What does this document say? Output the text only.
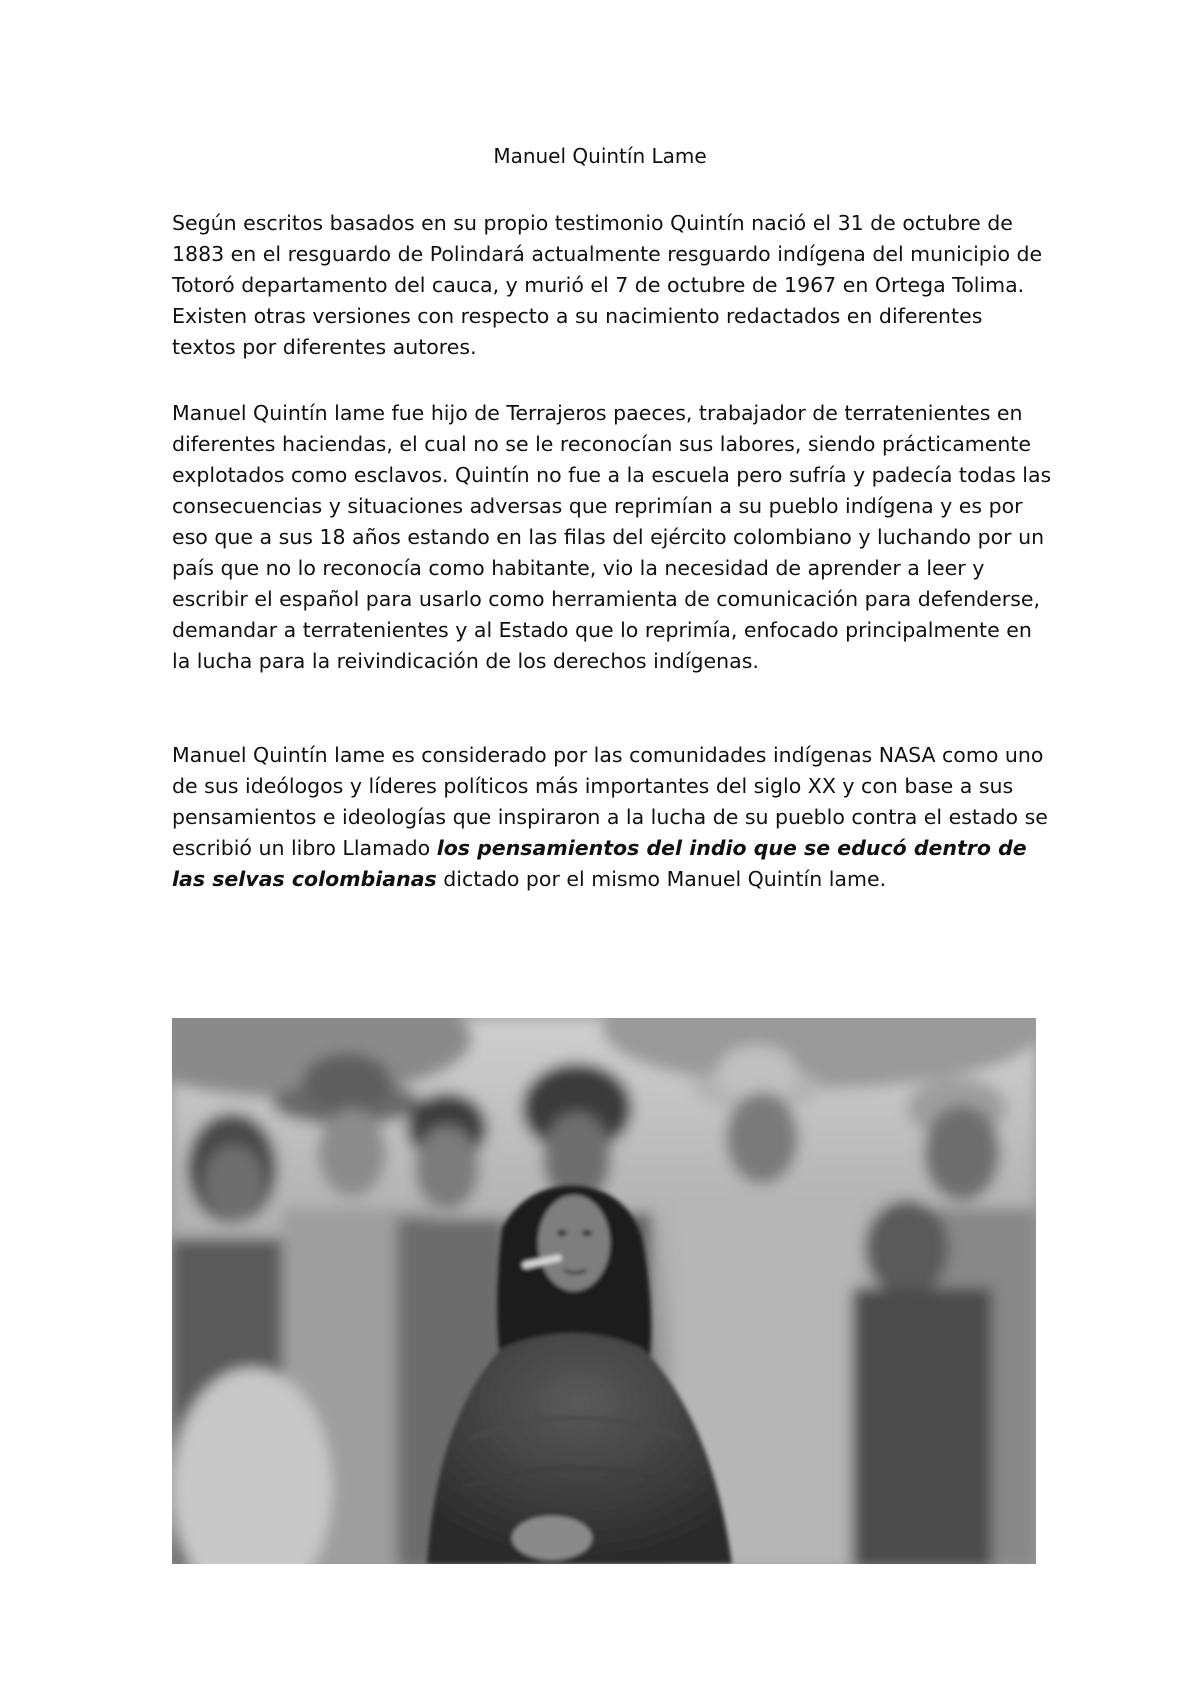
Manuel Quintín Lame

Según escritos basados en su propio testimonio Quintín nació el 31 de octubre de 1883 en el resguardo de Polindará actualmente resguardo indígena del municipio de Totoró departamento del cauca, y murió el 7 de octubre de 1967 en Ortega Tolima. Existen otras versiones con respecto a su nacimiento redactados en diferentes textos por diferentes autores.

Manuel Quintín lame fue hijo de Terrajeros paeces, trabajador de terratenientes en diferentes haciendas, el cual no se le reconocían sus labores, siendo prácticamente explotados como esclavos. Quintín no fue a la escuela pero sufría y padecía todas las consecuencias y situaciones adversas que reprimían a su pueblo indígena y es por eso que a sus 18 años estando en las filas del ejército colombiano y luchando por un país que no lo reconocía como habitante, vio la necesidad de aprender a leer y escribir el español para usarlo como herramienta de comunicación para defenderse, demandar a terratenientes y al Estado que lo reprimía, enfocado principalmente en la lucha para la reivindicación de los derechos indígenas.

Manuel Quintín lame es considerado por las comunidades indígenas NASA como uno de sus ideólogos y líderes políticos más importantes del siglo XX y con base a sus pensamientos e ideologías que inspiraron a la lucha de su pueblo contra el estado se escribió un libro Llamado los pensamientos del indio que se educó dentro de las selvas colombianas dictado por el mismo Manuel Quintín lame.
